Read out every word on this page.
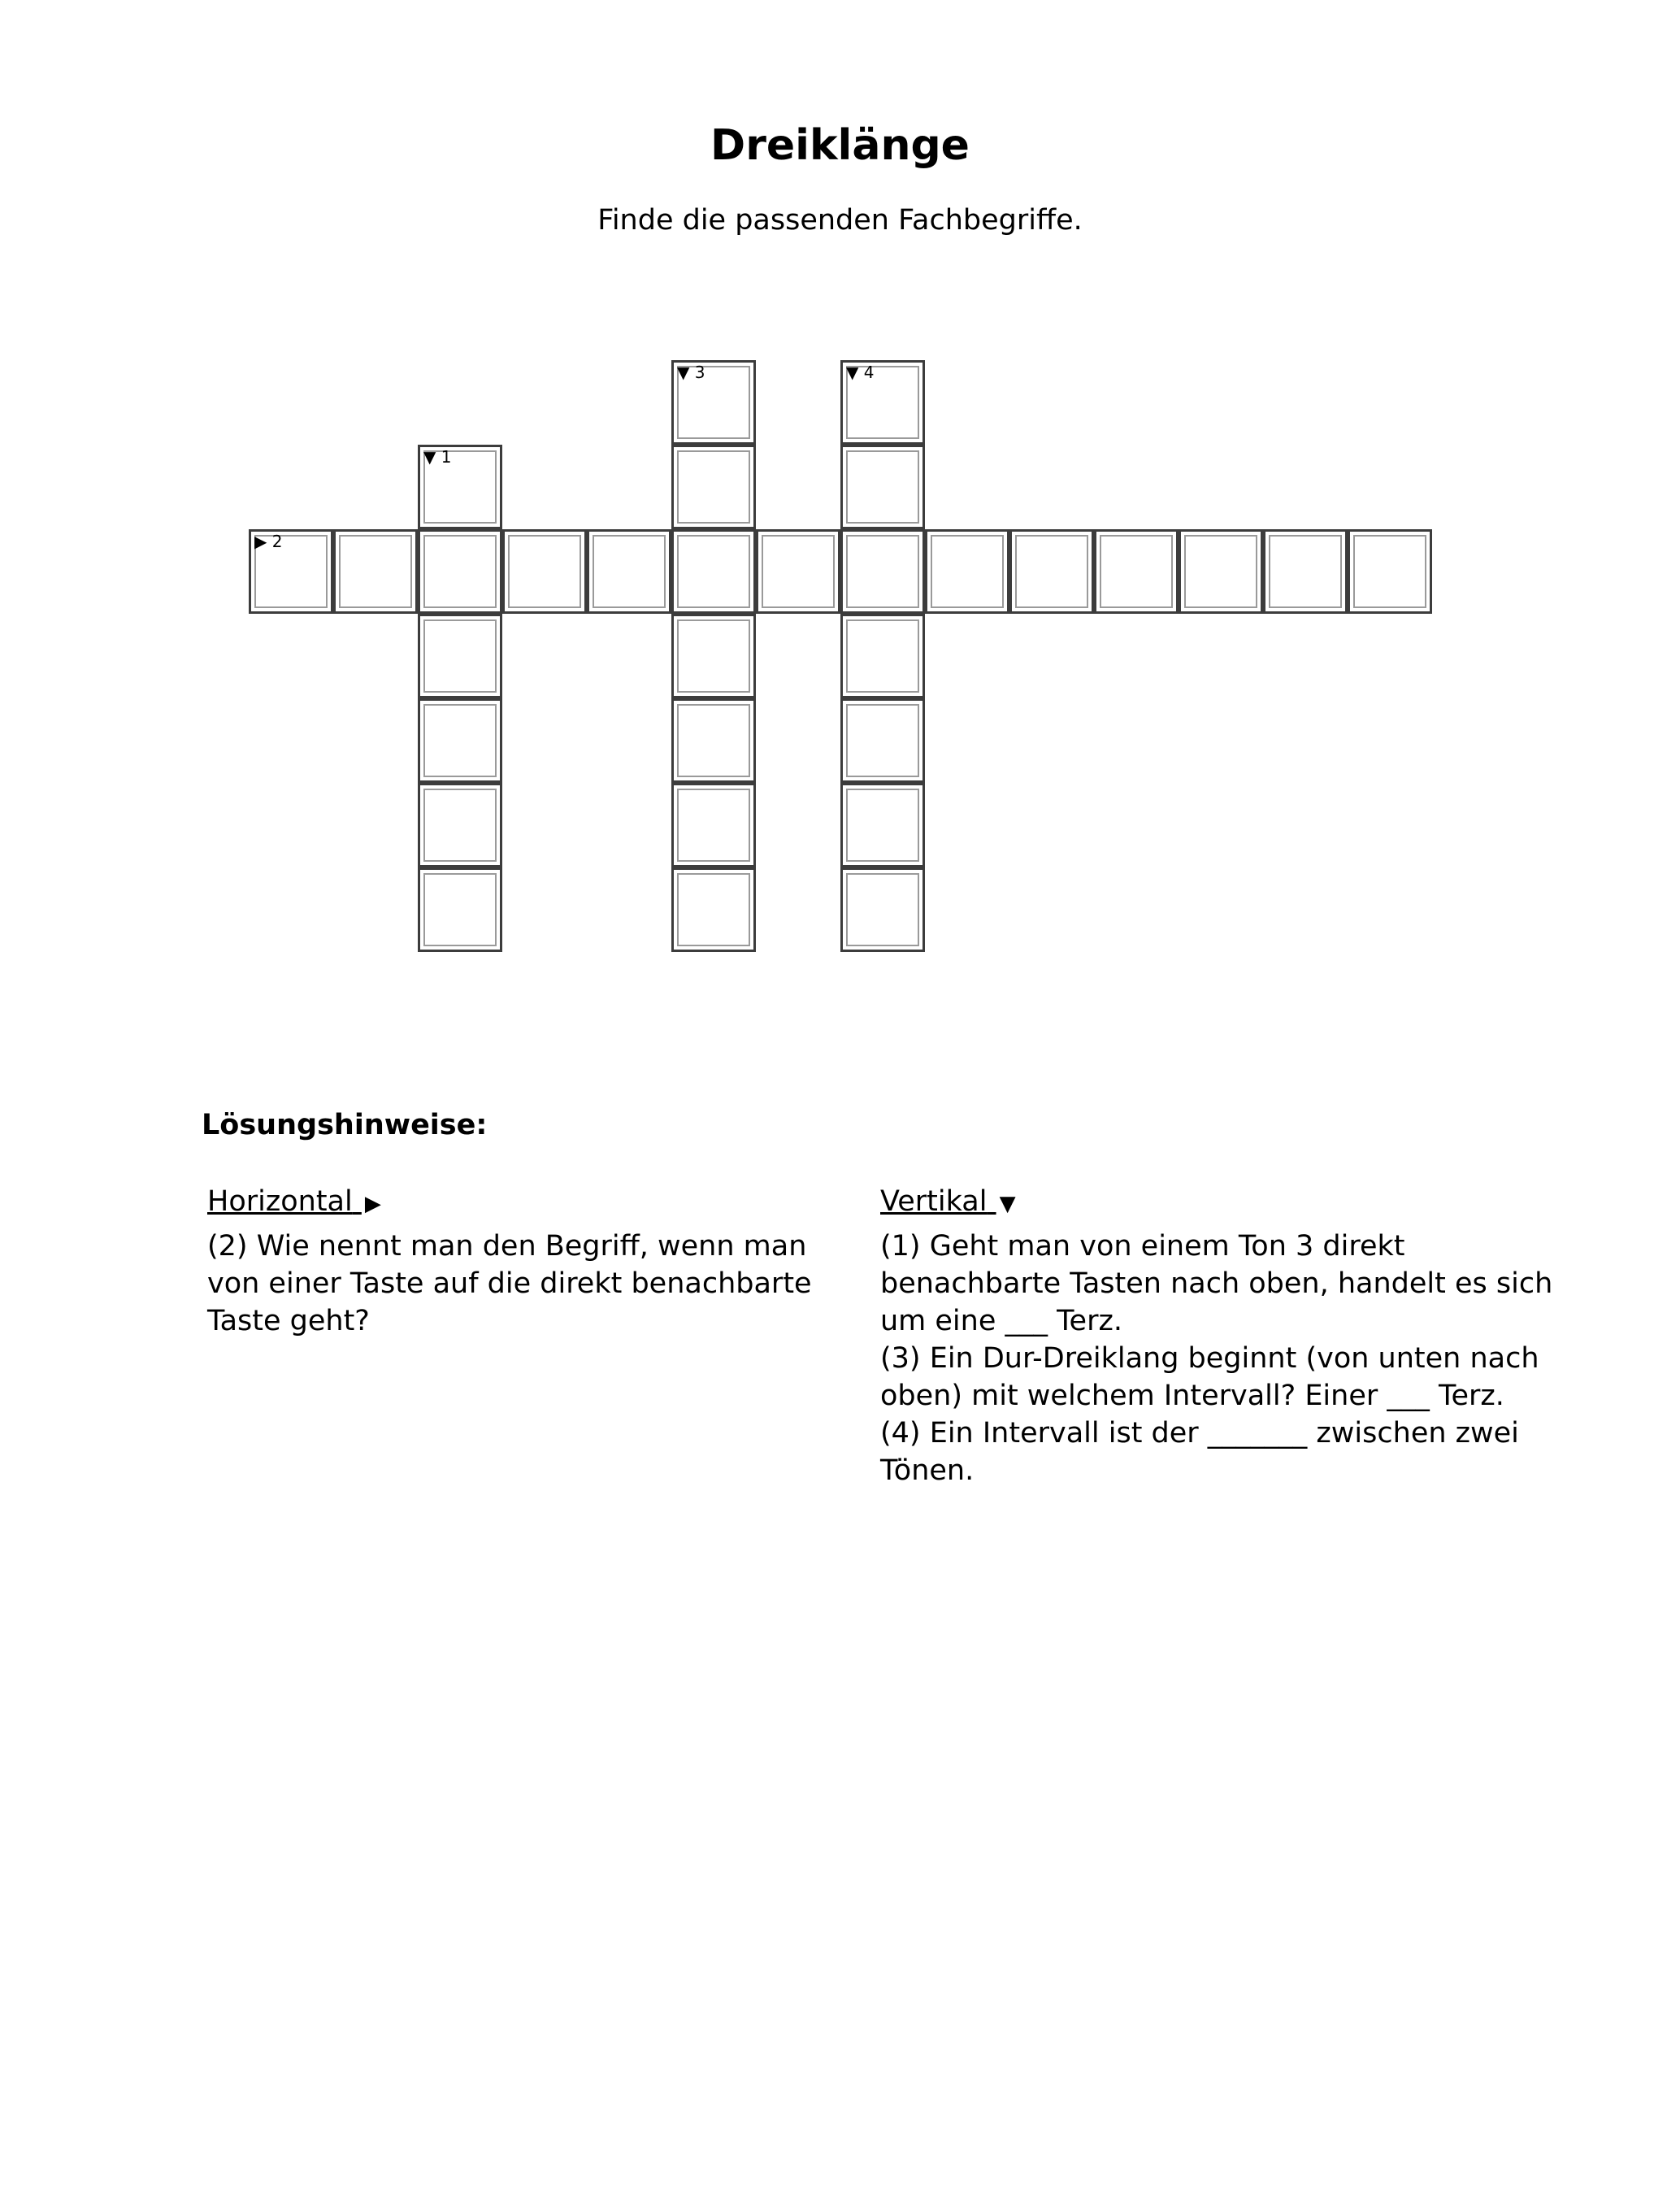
Dreiklänge

Finde die passenden Fachbegriffe.

▼ 1
▶ 2
▼ 3	▼ 4
Lösungshinweise:
Horizontal ▶

(2) Wie nennt man den Begriff, wenn man von einer Taste auf die direkt benachbarte Taste geht?

Vertikal ▼

(1) Geht man von einem Ton 3 direkt benachbarte Tasten nach oben, handelt es sich um eine ___ Terz.

(3) Ein Dur-Dreiklang beginnt (von unten nach oben) mit welchem Intervall? Einer ___ Terz.

(4) Ein Intervall ist der _______ zwischen zwei Tönen.
